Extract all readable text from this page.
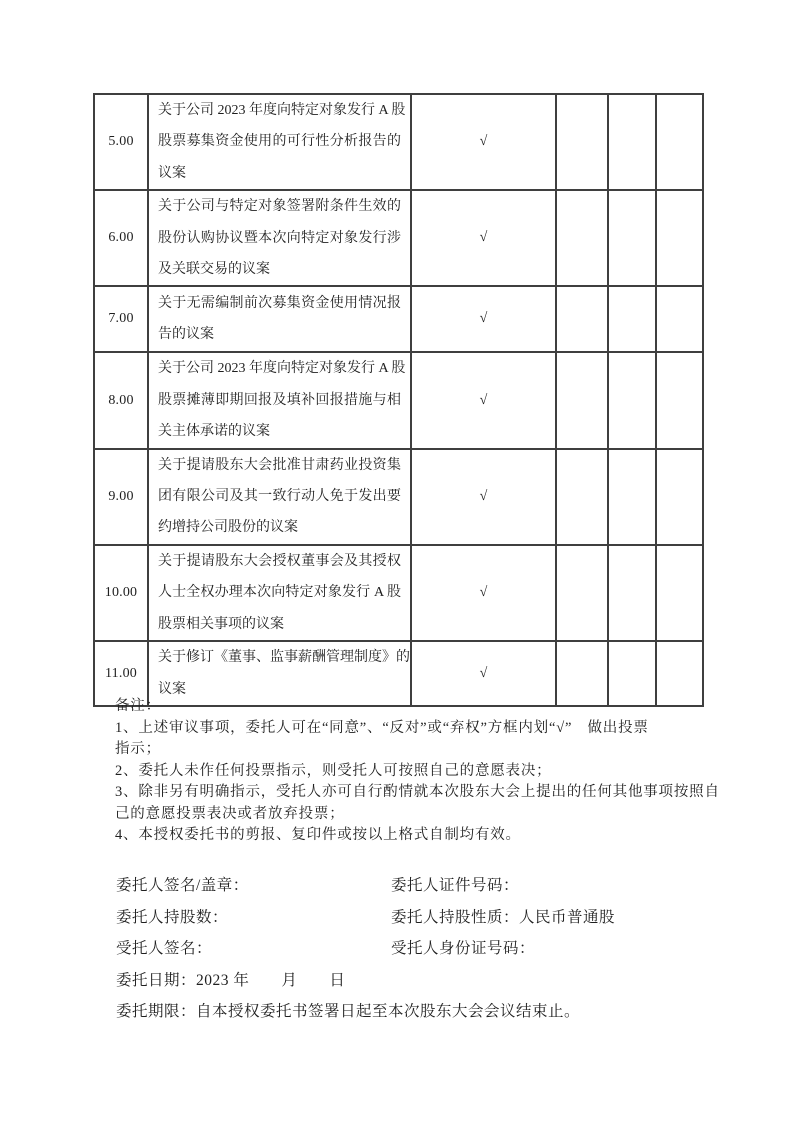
5.00	关于公司 2023 年度向特定对象发行 A 股
股票募集资金使用的可行性分析报告的
议案	√			
6.00	关于公司与特定对象签署附条件生效的
股份认购协议暨本次向特定对象发行涉
及关联交易的议案	√			
7.00	关于无需编制前次募集资金使用情况报
告的议案	√			
8.00	关于公司 2023 年度向特定对象发行 A 股
股票摊薄即期回报及填补回报措施与相
关主体承诺的议案	√			
9.00	关于提请股东大会批准甘肃药业投资集
团有限公司及其一致行动人免于发出要
约增持公司股份的议案	√			
10.00	关于提请股东大会授权董事会及其授权
人士全权办理本次向特定对象发行 A 股
股票相关事项的议案	√			
11.00	关于修订《董事、监事薪酬管理制度》的
议案	√			
备注：
1、上述审议事项，委托人可在“同意”、“反对”或“弃权”方框内划“√”　做出投票
指示；
2、委托人未作任何投票指示，则受托人可按照自己的意愿表决；
3、除非另有明确指示，受托人亦可自行酌情就本次股东大会上提出的任何其他事项按照自
己的意愿投票表决或者放弃投票；
4、本授权委托书的剪报、复印件或按以上格式自制均有效。
委托人签名/盖章：	委托人证件号码：
委托人持股数：	委托人持股性质：人民币普通股
受托人签名：	受托人身份证号码：
委托日期：2023 年　　月　　日
委托期限：自本授权委托书签署日起至本次股东大会会议结束止。
